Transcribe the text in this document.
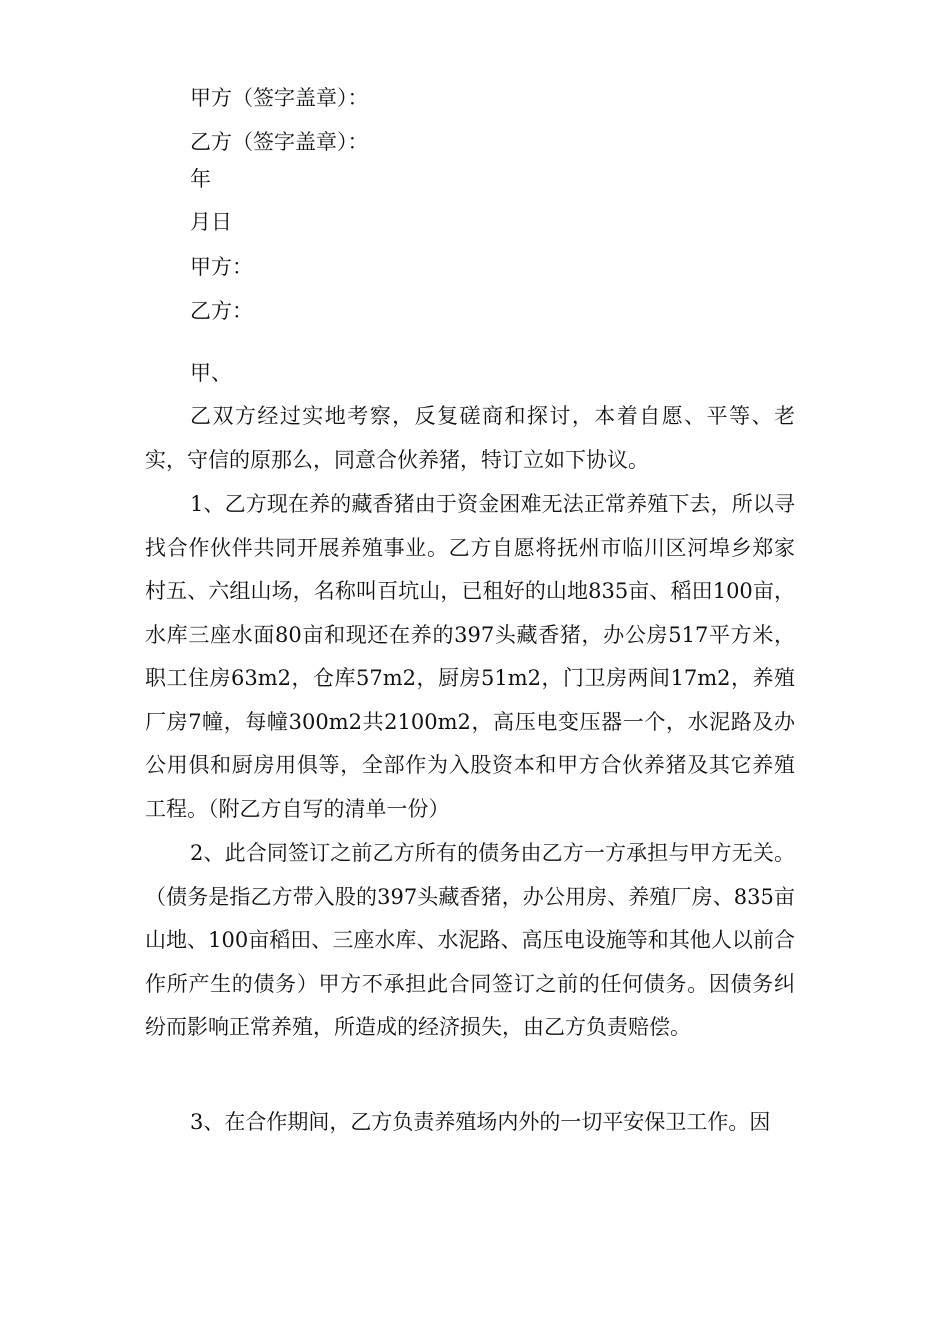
甲方（签字盖章）：

乙方（签字盖章）：

年

月日

甲方：

乙方：

甲、

乙双方经过实地考察，反复磋商和探讨，本着自愿、平等、老实，守信的原那么，同意合伙养猪，特订立如下协议。

1、乙方现在养的藏香猪由于资金困难无法正常养殖下去，所以寻找合作伙伴共同开展养殖事业。乙方自愿将抚州市临川区河埠乡郑家村五、六组山场，名称叫百坑山，已租好的山地835亩、稻田100亩，水库三座水面80亩和现还在养的397头藏香猪，办公房517平方米，职工住房63m2，仓库57m2，厨房51m2，门卫房两间17m2，养殖厂房7幢，每幢300m2共2100m2，高压电变压器一个，水泥路及办公用俱和厨房用俱等，全部作为入股资本和甲方合伙养猪及其它养殖工程。（附乙方自写的清单一份）

2、此合同签订之前乙方所有的债务由乙方一方承担与甲方无关。（债务是指乙方带入股的397头藏香猪，办公用房、养殖厂房、835亩山地、100亩稻田、三座水库、水泥路、高压电设施等和其他人以前合作所产生的债务）甲方不承担此合同签订之前的任何债务。因债务纠纷而影响正常养殖，所造成的经济损失，由乙方负责赔偿。

3、在合作期间，乙方负责养殖场内外的一切平安保卫工作。因
